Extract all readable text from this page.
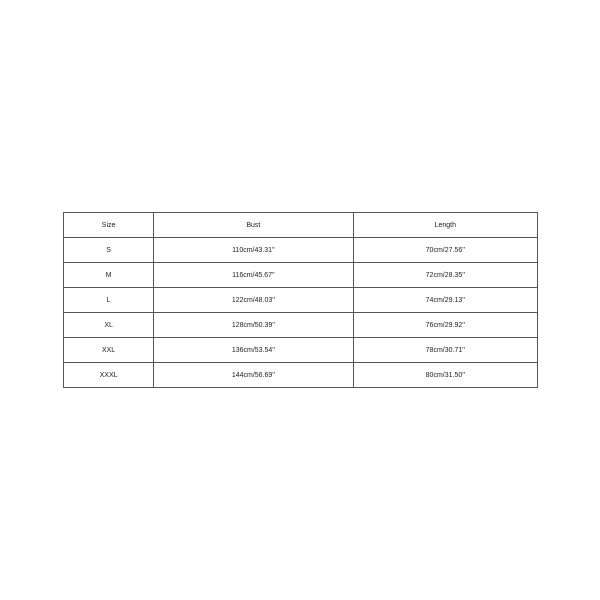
Size	Bust	Length
S	110cm/43.31''	70cm/27.56''
M	116cm/45.67''	72cm/28.35''
L	122cm/48.03''	74cm/29.13''
XL	128cm/50.39''	76cm/29.92''
XXL	136cm/53.54''	78cm/30.71''
XXXL	144cm/56.69''	80cm/31.50''
